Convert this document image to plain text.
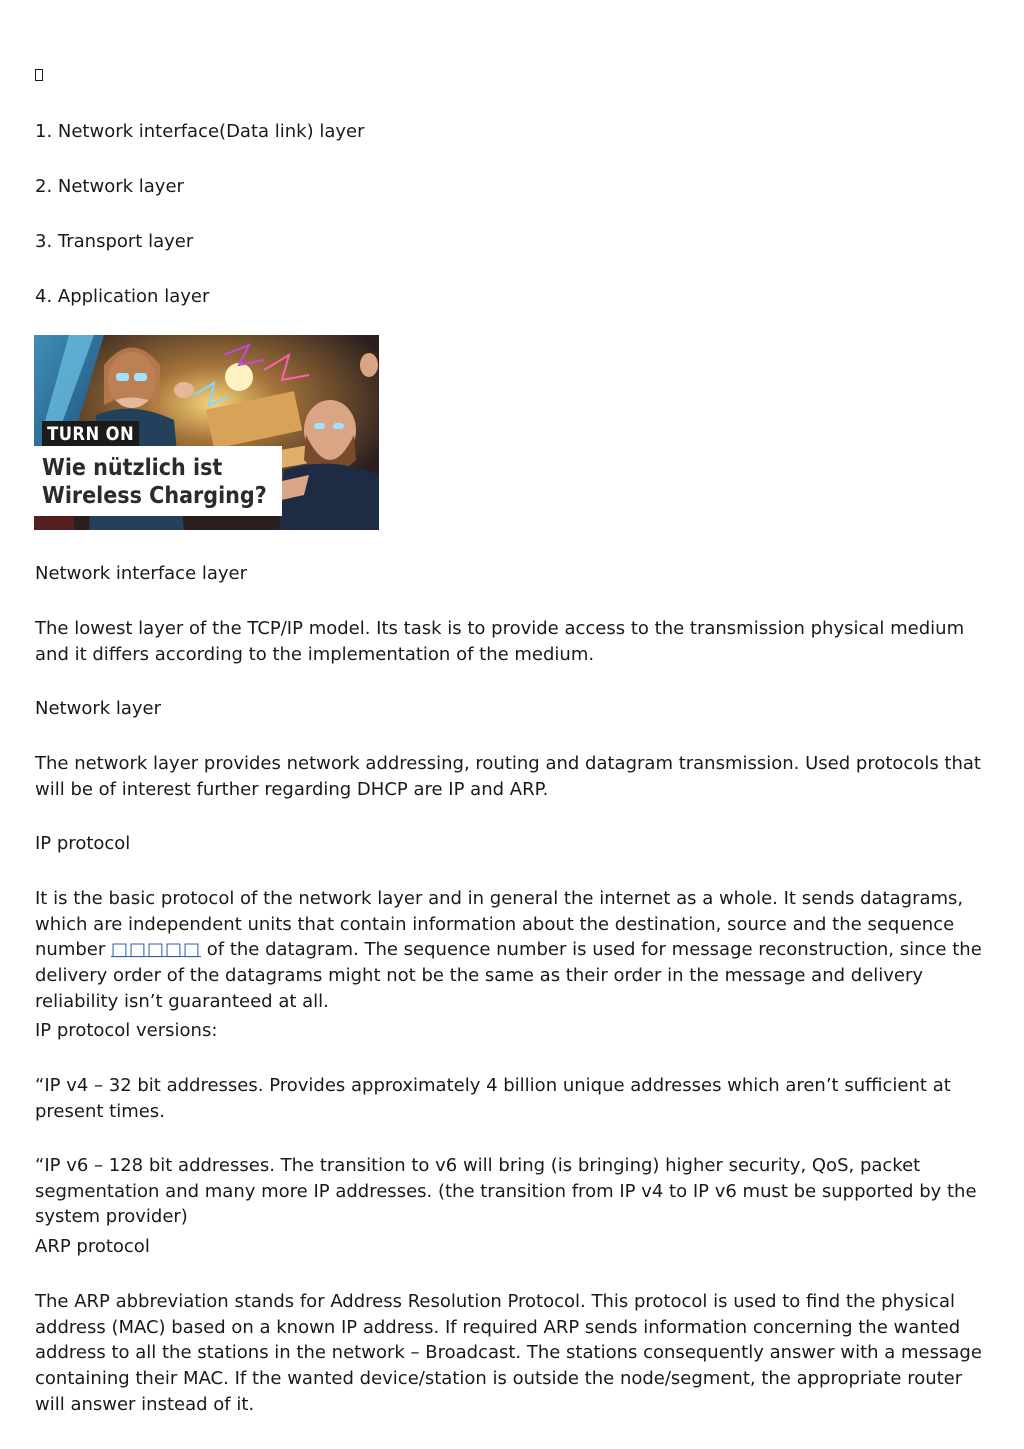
1. Network interface(Data link) layer
2. Network layer
3. Transport layer
4. Application layer
TURN ON
Wie nützlich ist
Wireless Charging?
Network interface layer
The lowest layer of the TCP/IP model. Its task is to provide access to the transmission physical medium and it differs according to the implementation of the medium.
Network layer
The network layer provides network addressing, routing and datagram transmission. Used protocols that will be of interest further regarding DHCP are IP and ARP.
IP protocol
It is the basic protocol of the network layer and in general the internet as a whole. It sends datagrams, which are independent units that contain information about the destination, source and the sequence number □□□□□ of the datagram. The sequence number is used for message reconstruction, since the delivery order of the datagrams might not be the same as their order in the message and delivery reliability isn’t guaranteed at all.
IP protocol versions:
“IP v4 – 32 bit addresses. Provides approximately 4 billion unique addresses which aren’t sufficient at present times.
“IP v6 – 128 bit addresses. The transition to v6 will bring (is bringing) higher security, QoS, packet segmentation and many more IP addresses. (the transition from IP v4 to IP v6 must be supported by the system provider)
ARP protocol
The ARP abbreviation stands for Address Resolution Protocol. This protocol is used to find the physical address (MAC) based on a known IP address. If required ARP sends information concerning the wanted address to all the stations in the network – Broadcast. The stations consequently answer with a message containing their MAC. If the wanted device/station is outside the node/segment, the appropriate router will answer instead of it.
